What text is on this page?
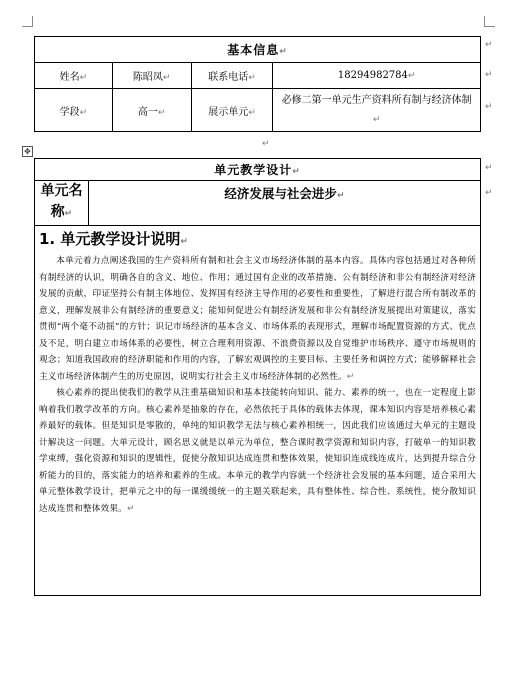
基本信息↵			
姓名↵	陈昭凤↵	联系电话↵	18294982784↵
学段↵	高一↵	展示单元↵	必修二第一单元生产资料所有制与经济体制↵
↵
↵
↵
↵
✥
单元教学设计↵
单元名称↵	经济发展与社会进步↵

1. 单元教学设计说明↵

本单元着力点阐述我国的生产资料所有制和社会主义市场经济体制的基本内容。具体内容包括通过对各种所有制经济的认识，明确各自的含义、地位、作用；通过国有企业的改革措施、公有制经济和非公有制经济对经济发展的贡献，印证坚持公有制主体地位、发挥国有经济主导作用的必要性和重要性，了解进行混合所有制改革的意义，理解发展非公有制经济的重要意义；能知何促进公有制经济发展和非公有制经济发展提出对策建议，落实贯彻“两个毫不动摇”的方针；识记市场经济的基本含义、市场体系的表现形式，理解市场配置资源的方式、优点及不足，明白建立市场体系的必要性，树立合理利用资源、不浪费资源以及自觉维护市场秩序、遵守市场规则的观念；知道我国政府的经济职能和作用的内容，了解宏观调控的主要目标、主要任务和调控方式；能够解释社会主义市场经济体制产生的历史原因，说明实行社会主义市场经济体制的必然性。↵

核心素养的提出使我们的教学从注重基础知识和基本技能转向知识、能力、素养的统一，也在一定程度上影响着我们教学改革的方向。核心素养是抽象的存在，必然依托于具体的载体去体现，课本知识内容是培养核心素养最好的载体。但是知识是零散的，单纯的知识教学无法与核心素养相统一，因此我们应该通过大单元的主题设计解决这一问题。大单元设计，顾名思义就是以单元为单位，整合课时教学资源和知识内容，打破单一的知识教学束缚，强化资源和知识的逻辑性，促使分散知识达成连贯和整体效果，使知识连成线连成片，达到提升综合分析能力的目的，落实能力的培养和素养的生成。本单元的教学内容就一个经济社会发展的基本问题，适合采用大单元整体教学设计，把单元之中的每一课缓缓统一的主题关联起来，具有整体性、综合性、系统性，使分散知识达成连贯和整体效果。↵

↵
↵
